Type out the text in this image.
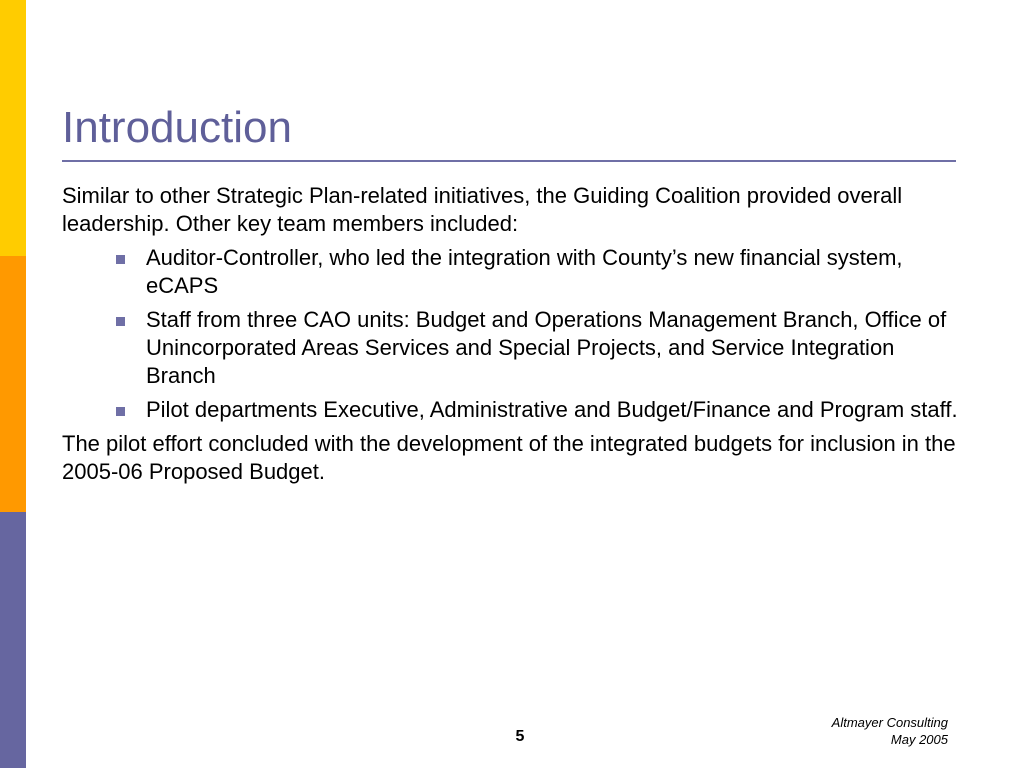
Introduction

Similar to other Strategic Plan-related initiatives, the Guiding Coalition provided overall leadership. Other key team members included:

Auditor-Controller, who led the integration with County’s new financial system, eCAPS
Staff from three CAO units: Budget and Operations Management Branch, Office of Unincorporated Areas Services and Special Projects, and Service Integration Branch
Pilot departments Executive, Administrative and Budget/Finance and Program staff.

The pilot effort concluded with the development of the integrated budgets for inclusion in the 2005-06 Proposed Budget.

5
Altmayer Consulting
May 2005
